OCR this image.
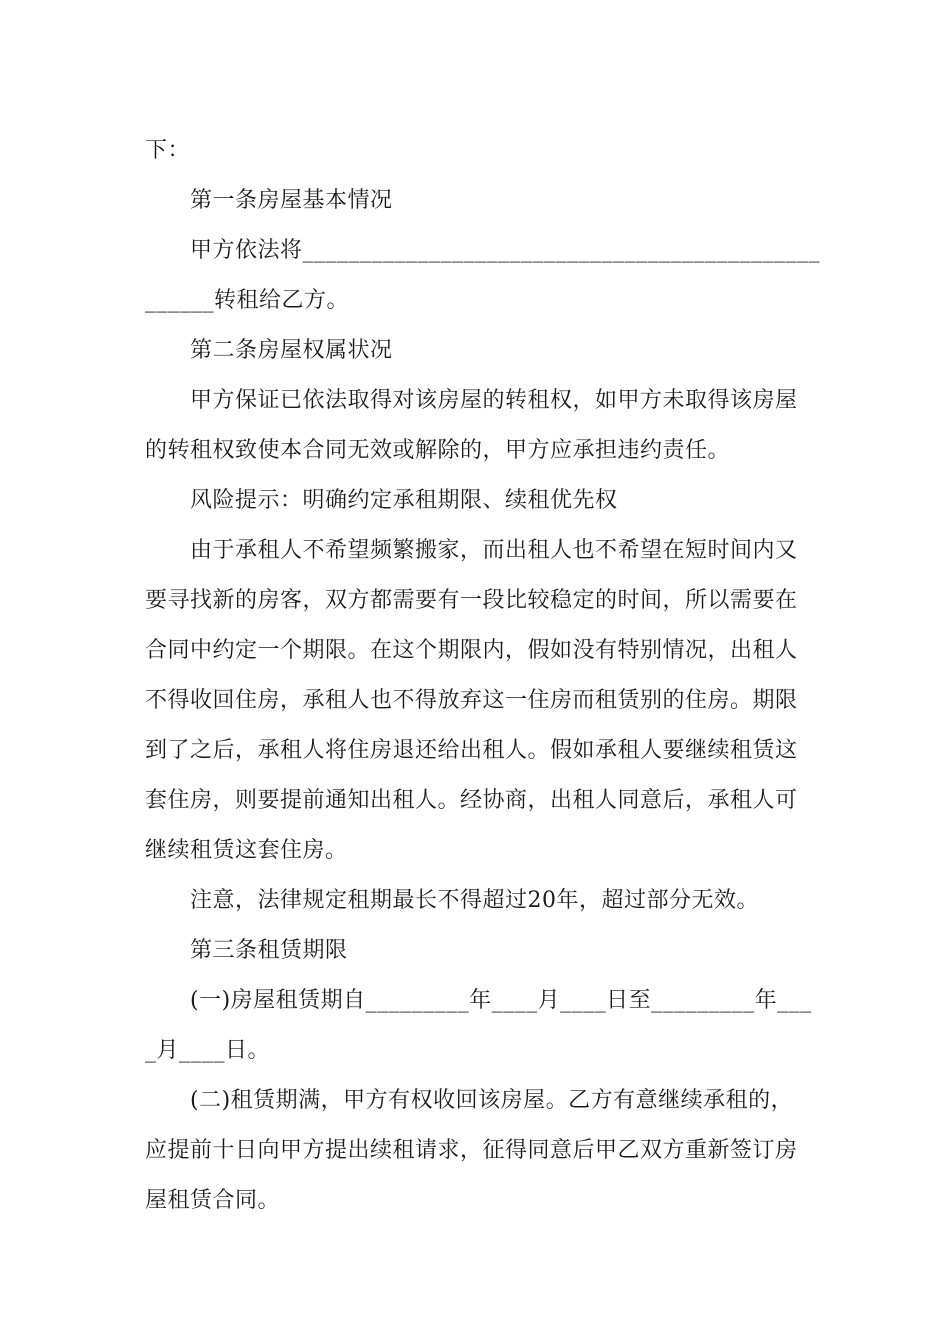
下：
第一条房屋基本情况
甲方依法将_____________________________________________
______转租给乙方。
第二条房屋权属状况
甲方保证已依法取得对该房屋的转租权，如甲方未取得该房屋
的转租权致使本合同无效或解除的，甲方应承担违约责任。
风险提示：明确约定承租期限、续租优先权
由于承租人不希望频繁搬家，而出租人也不希望在短时间内又
要寻找新的房客，双方都需要有一段比较稳定的时间，所以需要在
合同中约定一个期限。在这个期限内，假如没有特别情况，出租人
不得收回住房，承租人也不得放弃这一住房而租赁别的住房。期限
到了之后，承租人将住房退还给出租人。假如承租人要继续租赁这
套住房，则要提前通知出租人。经协商，出租人同意后，承租人可
继续租赁这套住房。
注意，法律规定租期最长不得超过20年，超过部分无效。
第三条租赁期限
(一)房屋租赁期自_________年____月____日至_________年___
_月____日。
(二)租赁期满，甲方有权收回该房屋。乙方有意继续承租的，
应提前十日向甲方提出续租请求，征得同意后甲乙双方重新签订房
屋租赁合同。
